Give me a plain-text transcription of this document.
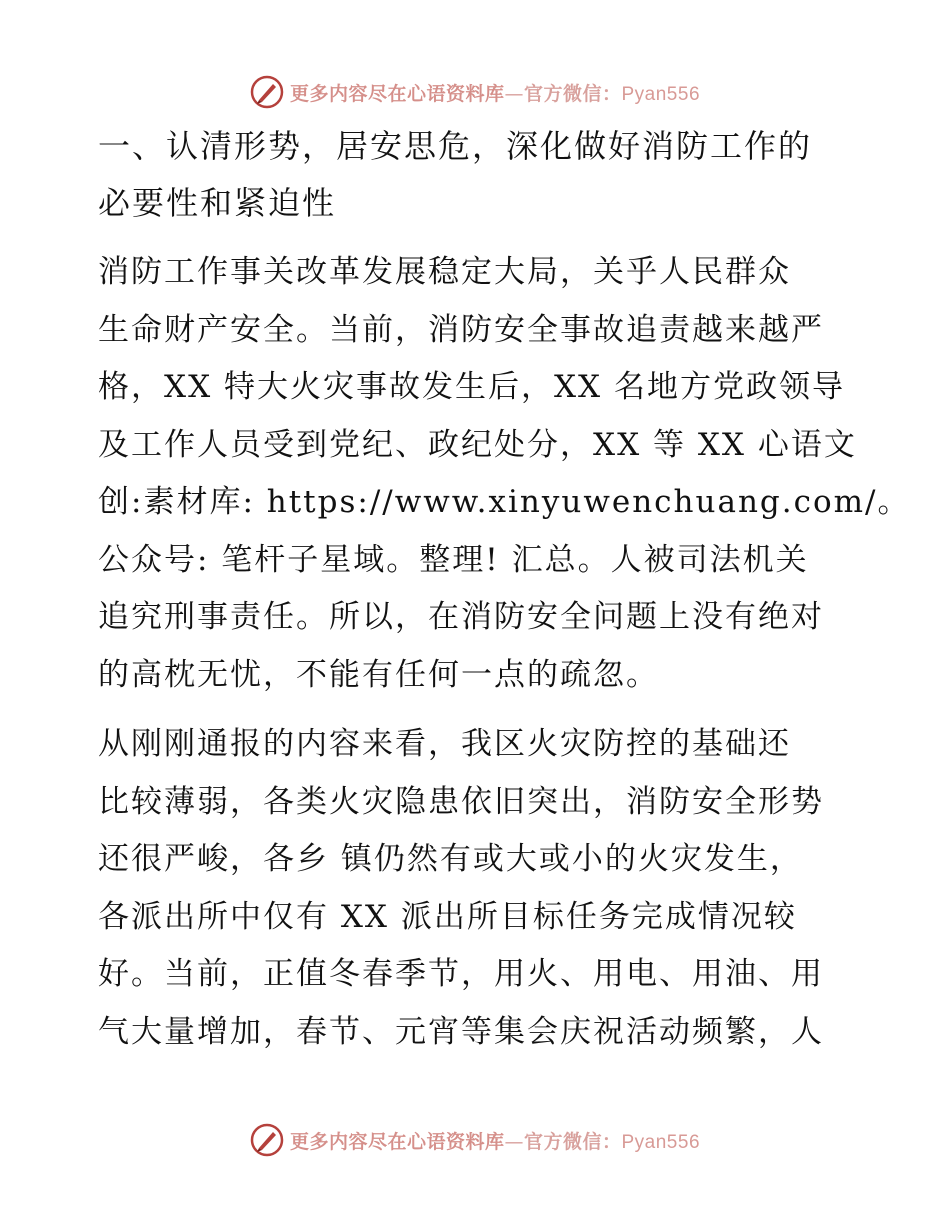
更多内容尽在心语资料库—官方微信：Pyan556
一、认清形势，居安思危，深化做好消防工作的
必要性和紧迫性
消防工作事关改革发展稳定大局，关乎人民群众
生命财产安全。当前，消防安全事故追责越来越严
格，XX 特大火灾事故发生后，XX 名地方党政领导
及工作人员受到党纪、政纪处分，XX 等 XX 心语文
创:素材库: https://www.xinyuwenchuang.com/。
公众号: 笔杆子星域。整理! 汇总。人被司法机关
追究刑事责任。所以，在消防安全问题上没有绝对
的高枕无忧，不能有任何一点的疏忽。
从刚刚通报的内容来看，我区火灾防控的基础还
比较薄弱，各类火灾隐患依旧突出，消防安全形势
还很严峻，各乡 镇仍然有或大或小的火灾发生，
各派出所中仅有 XX 派出所目标任务完成情况较
好。当前，正值冬春季节，用火、用电、用油、用
气大量增加，春节、元宵等集会庆祝活动频繁，人
更多内容尽在心语资料库—官方微信：Pyan556
